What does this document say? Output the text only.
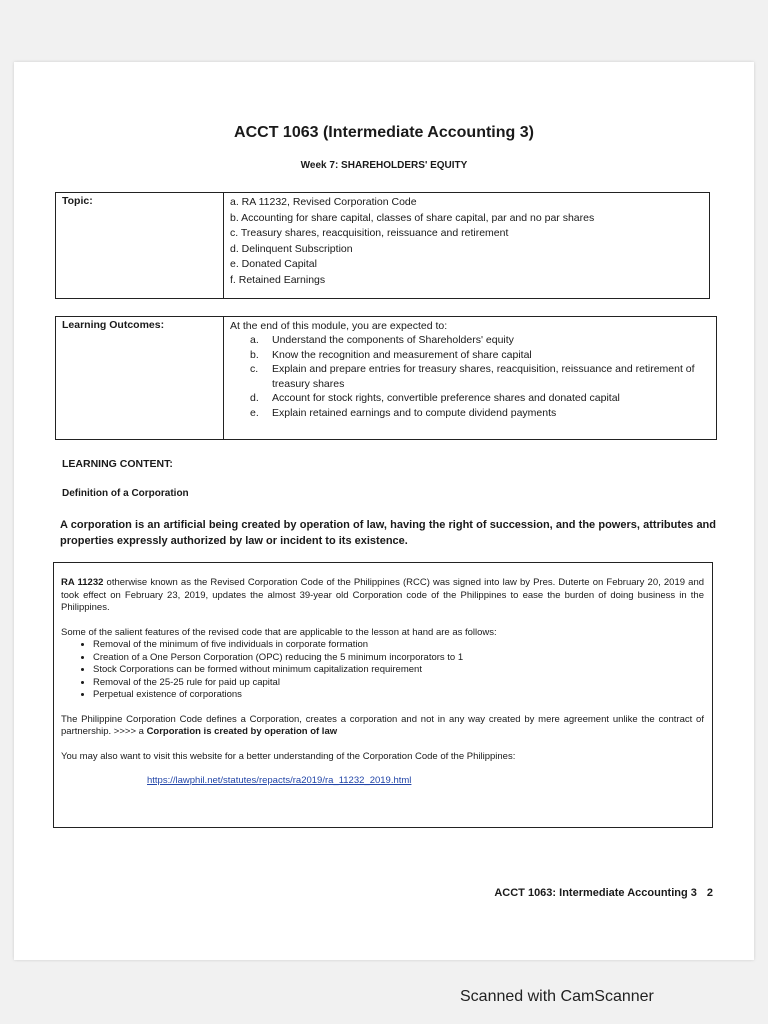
ACCT 1063 (Intermediate Accounting 3)
Week 7: SHAREHOLDERS' EQUITY
Topic:	a. RA 11232, Revised Corporation Code
b. Accounting for share capital, classes of share capital, par and no par shares
c. Treasury shares, reacquisition, reissuance and retirement
d. Delinquent Subscription
e. Donated Capital
f. Retained Earnings
Learning Outcomes:	At the end of this module, you are expected to:
a.	Understand the components of Shareholders' equity
b.	Know the recognition and measurement of share capital
c.	Explain and prepare entries for treasury shares, reacquisition, reissuance and retirement of treasury shares
d.	Account for stock rights, convertible preference shares and donated capital
e.	Explain retained earnings and to compute dividend payments
LEARNING CONTENT:
Definition of a Corporation
A corporation is an artificial being created by operation of law, having the right of succession, and the powers, attributes and properties expressly authorized by law or incident to its existence.

RA 11232 otherwise known as the Revised Corporation Code of the Philippines (RCC) was signed into law by Pres. Duterte on February 20, 2019 and took effect on February 23, 2019, updates the almost 39-year old Corporation code of the Philippines to ease the burden of doing business in the Philippines.

Some of the salient features of the revised code that are applicable to the lesson at hand are as follows:

• Removal of the minimum of five individuals in corporate formation
• Creation of a One Person Corporation (OPC) reducing the 5 minimum incorporators to 1
• Stock Corporations can be formed without minimum capitalization requirement
• Removal of the 25-25 rule for paid up capital
• Perpetual existence of corporations

The Philippine Corporation Code defines a Corporation, creates a corporation and not in any way created by mere agreement unlike the contract of partnership. >>>> a Corporation is created by operation of law

You may also want to visit this website for a better understanding of the Corporation Code of the Philippines:

https://lawphil.net/statutes/repacts/ra2019/ra_11232_2019.html
ACCT 1063: Intermediate Accounting 3 2
Scanned with CamScanner
